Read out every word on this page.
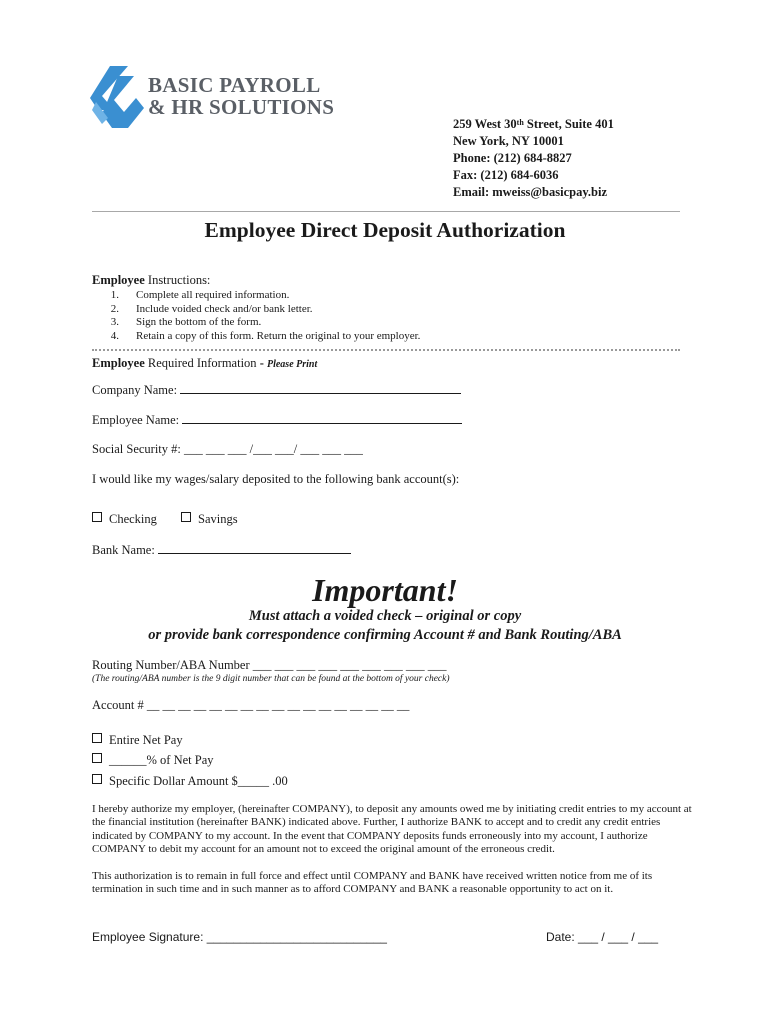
BASIC PAYROLL
& HR SOLUTIONS
259 West 30th Street, Suite 401
New York, NY 10001
Phone: (212) 684-8827
Fax: (212) 684-6036
Email: mweiss@basicpay.biz
Employee Direct Deposit Authorization
Employee Instructions:
1. Complete all required information.
2. Include voided check and/or bank letter.
3. Sign the bottom of the form.
4. Retain a copy of this form. Return the original to your employer.
Employee Required Information - Please Print
Company Name:
Employee Name:
Social Security #: ___ ___ ___ /___ ___/ ___ ___ ___
I would like my wages/salary deposited to the following bank account(s):
Checking	Savings
Bank Name:
Important!
Must attach a voided check – original or copy
or provide bank correspondence confirming Account # and Bank Routing/ABA
Routing Number/ABA Number ___ ___ ___ ___ ___ ___ ___ ___ ___
(The routing/ABA number is the 9 digit number that can be found at the bottom of your check)
Account # __ __ __ __ __ __ __ __ __ __ __ __ __ __ __ __ __
Entire Net Pay
______% of Net Pay
Specific Dollar Amount $_____ .00
I hereby authorize my employer, (hereinafter COMPANY), to deposit any amounts owed me by initiating credit entries to my account at the financial institution (hereinafter BANK) indicated above. Further, I authorize BANK to accept and to credit any credit entries indicated by COMPANY to my account. In the event that COMPANY deposits funds erroneously into my account, I authorize COMPANY to debit my account for an amount not to exceed the original amount of the erroneous credit.
This authorization is to remain in full force and effect until COMPANY and BANK have received written notice from me of its termination in such time and in such manner as to afford COMPANY and BANK a reasonable opportunity to act on it.
Employee Signature: ___________________________	Date: ___ / ___ / ___
